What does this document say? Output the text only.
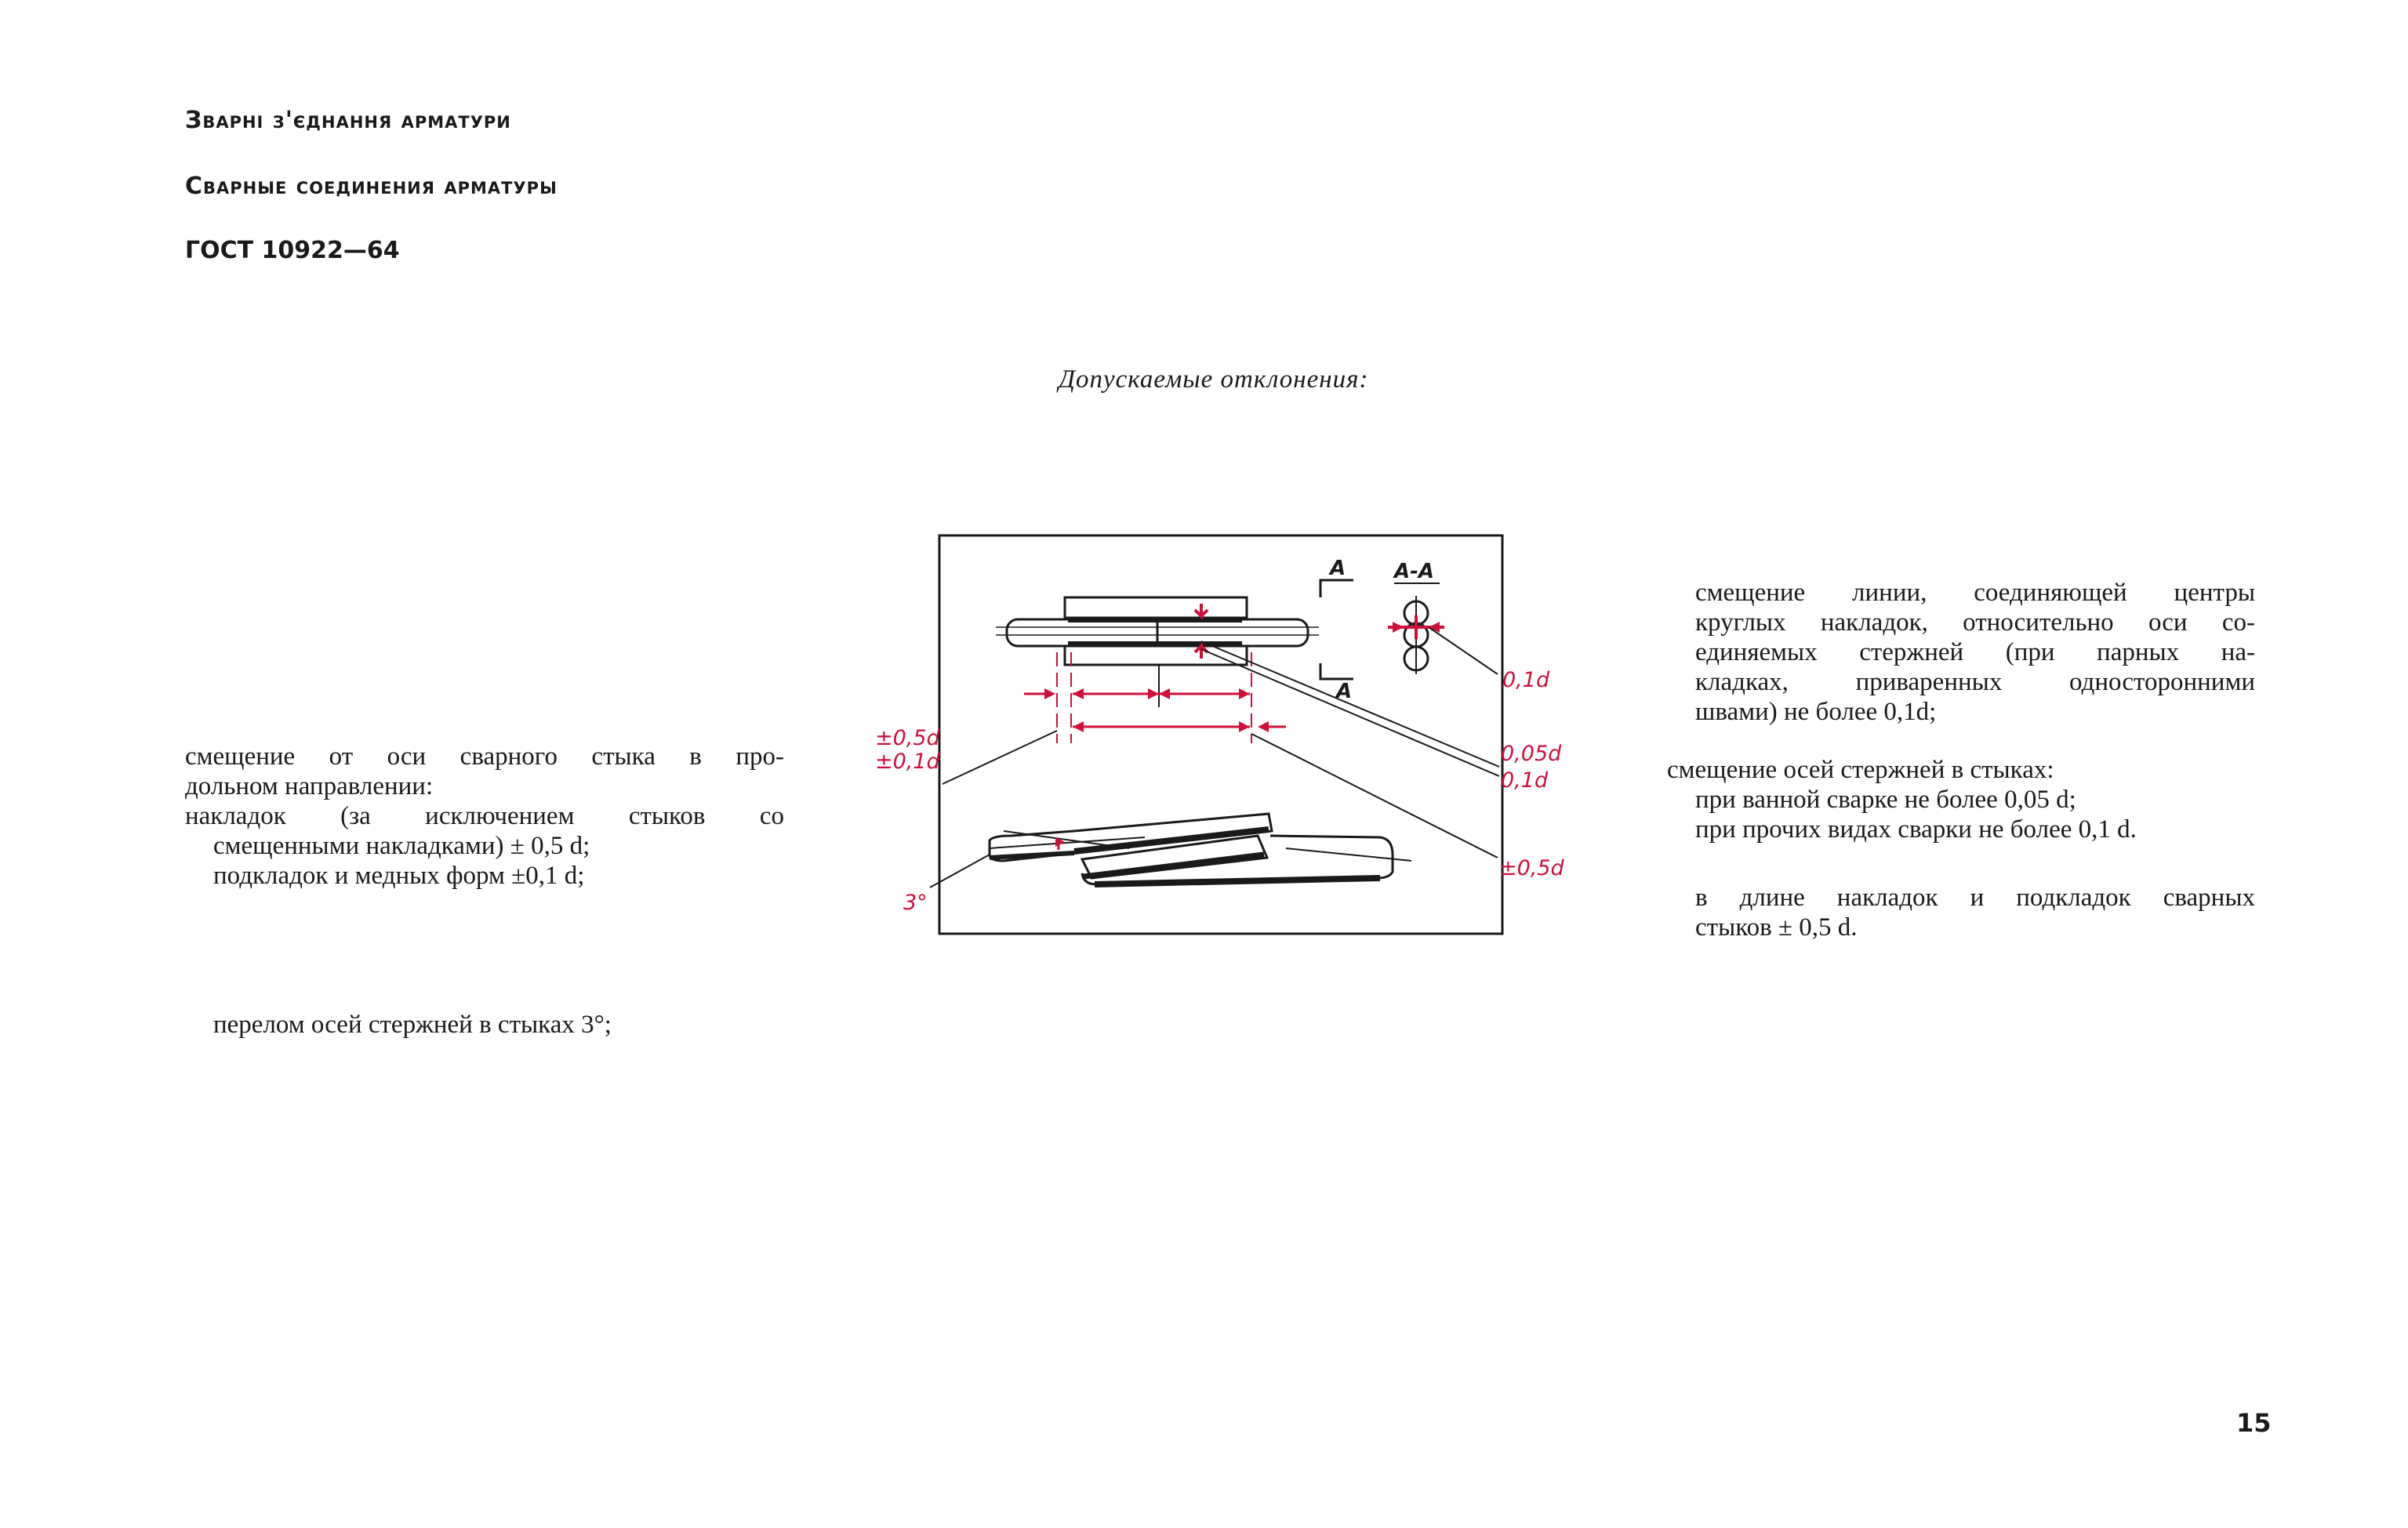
Зварні з'єднання арматури
Сварные соединения арматуры
ГОСТ 10922—64
Допускаемые отклонения:
смещение от оси сварного стыка в про-
дольном направлении:
накладок (за исключением стыков со
смещенными накладками) ± 0,5 d;
подкладок и медных форм ±0,1 d;
перелом осей стержней в стыках 3°;
смещение линии, соединяющей центры
круглых накладок, относительно оси со-
единяемых стержней (при парных на-
кладках, приваренных односторонними
швами) не более 0,1d;
смещение осей стержней в стыках:
при ванной сварке не более 0,05 d;
при прочих видах сварки не более 0,1 d.
в длине накладок и подкладок сварных
стыков ± 0,5 d.
A
A
А-А
0,1d
0,05d
0,1d
±0,5d
±0,5d
±0,1d
3°
15
